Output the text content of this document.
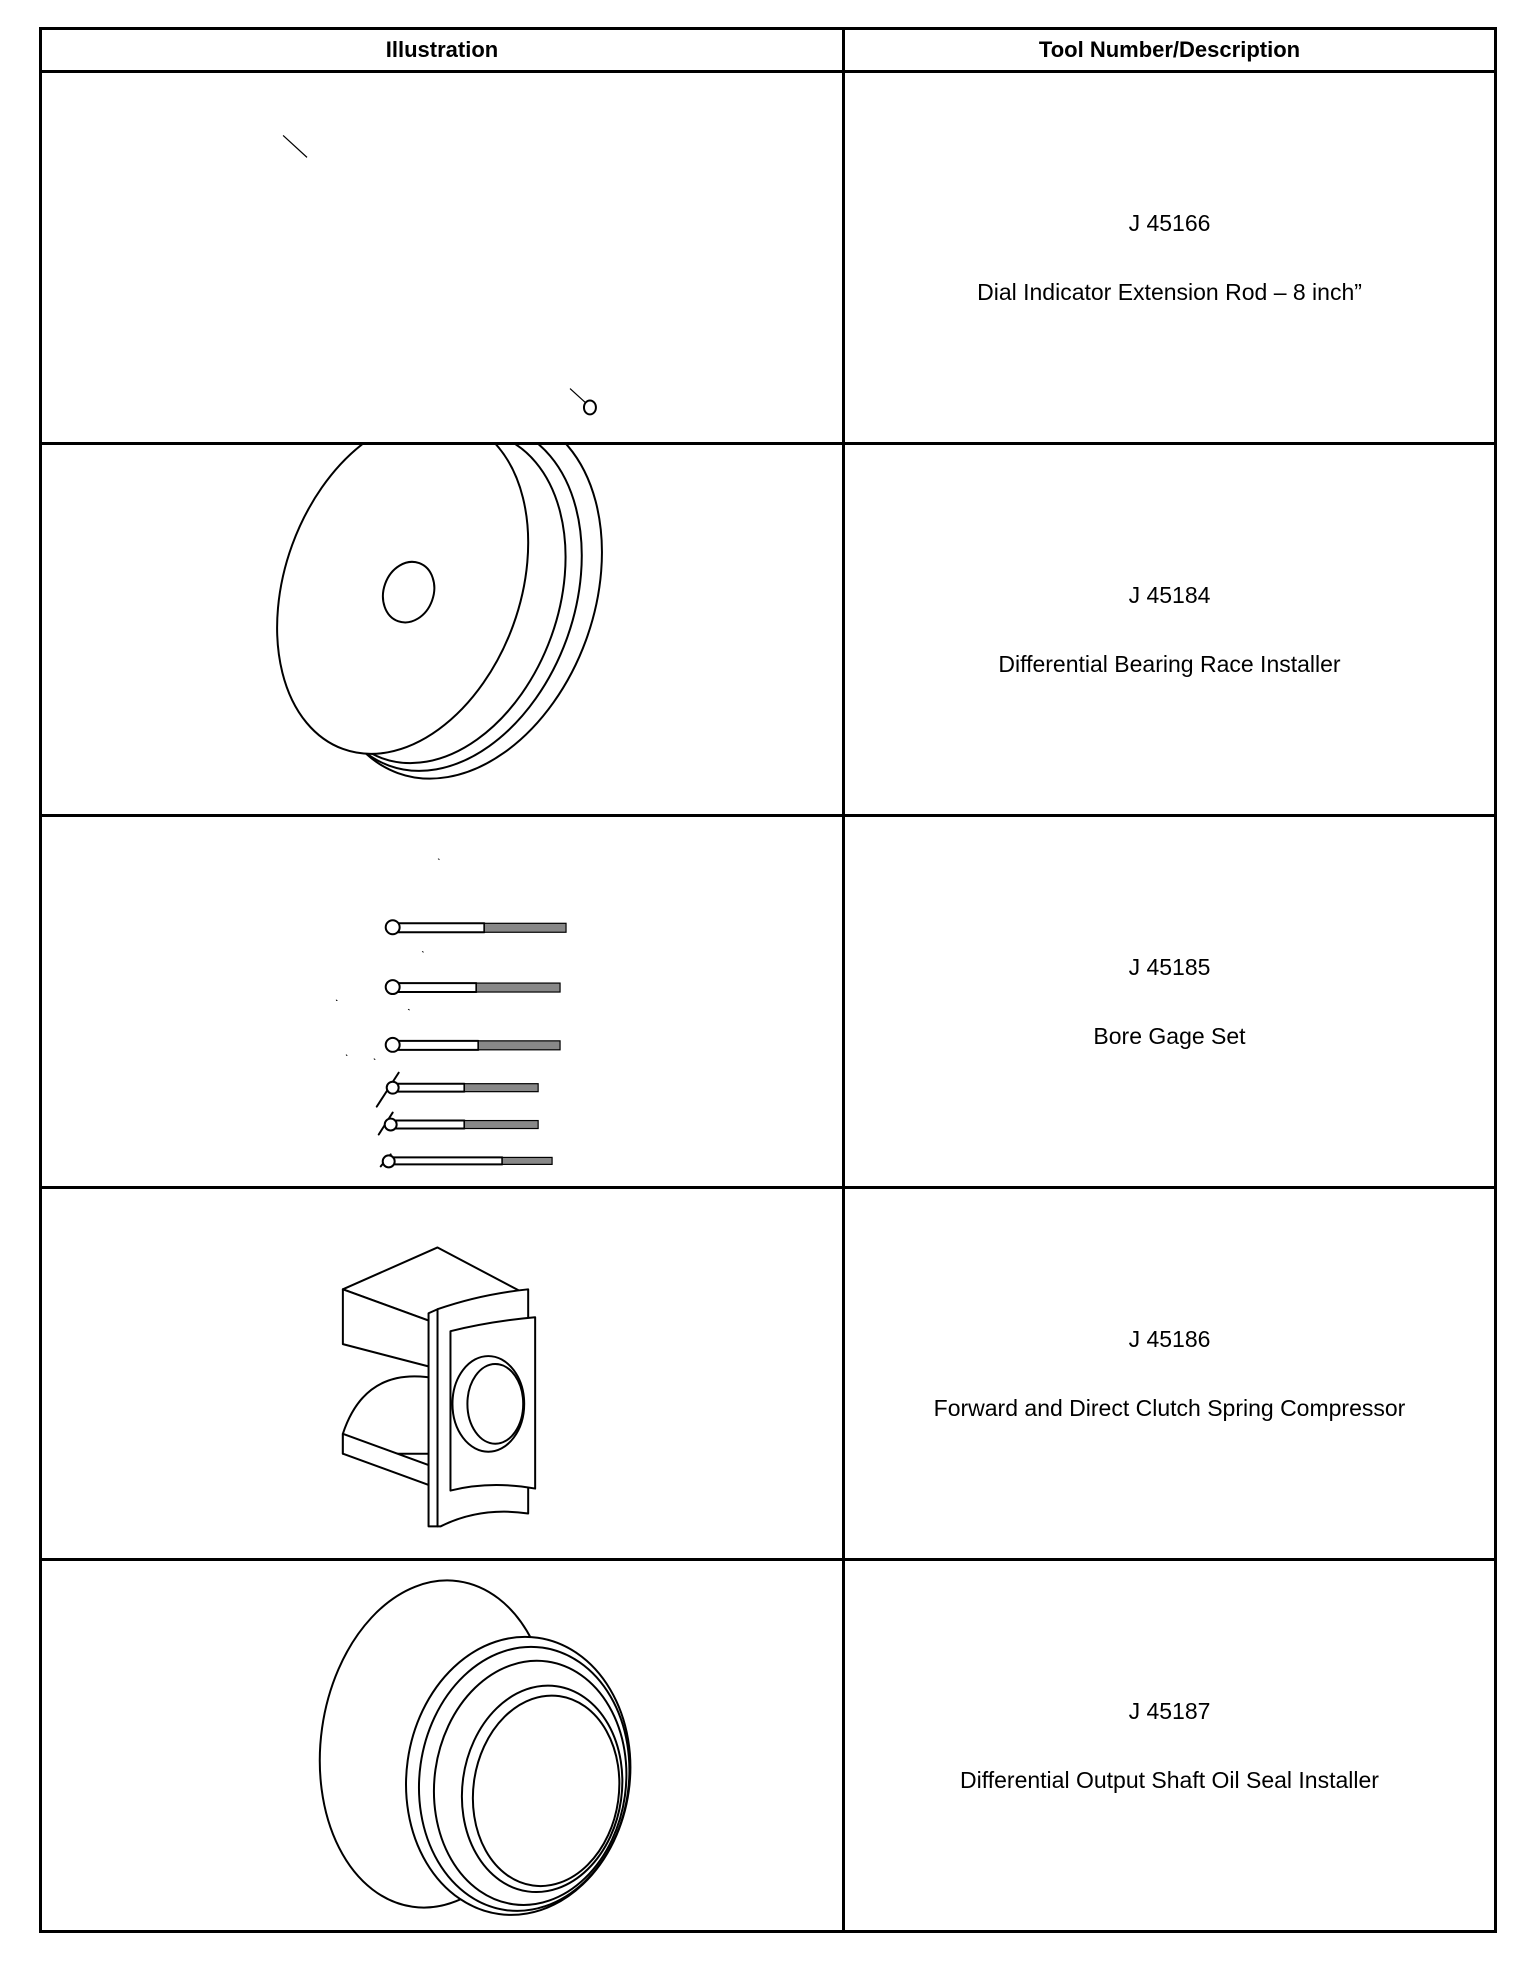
Illustration	Tool Number/Description

J 45166
Dial Indicator Extension Rod – 8 inch”

J 45184
Differential Bearing Race Installer

J 45185
Bore Gage Set

J 45186
Forward and Direct Clutch Spring Compressor

J 45187
Differential Output Shaft Oil Seal Installer
